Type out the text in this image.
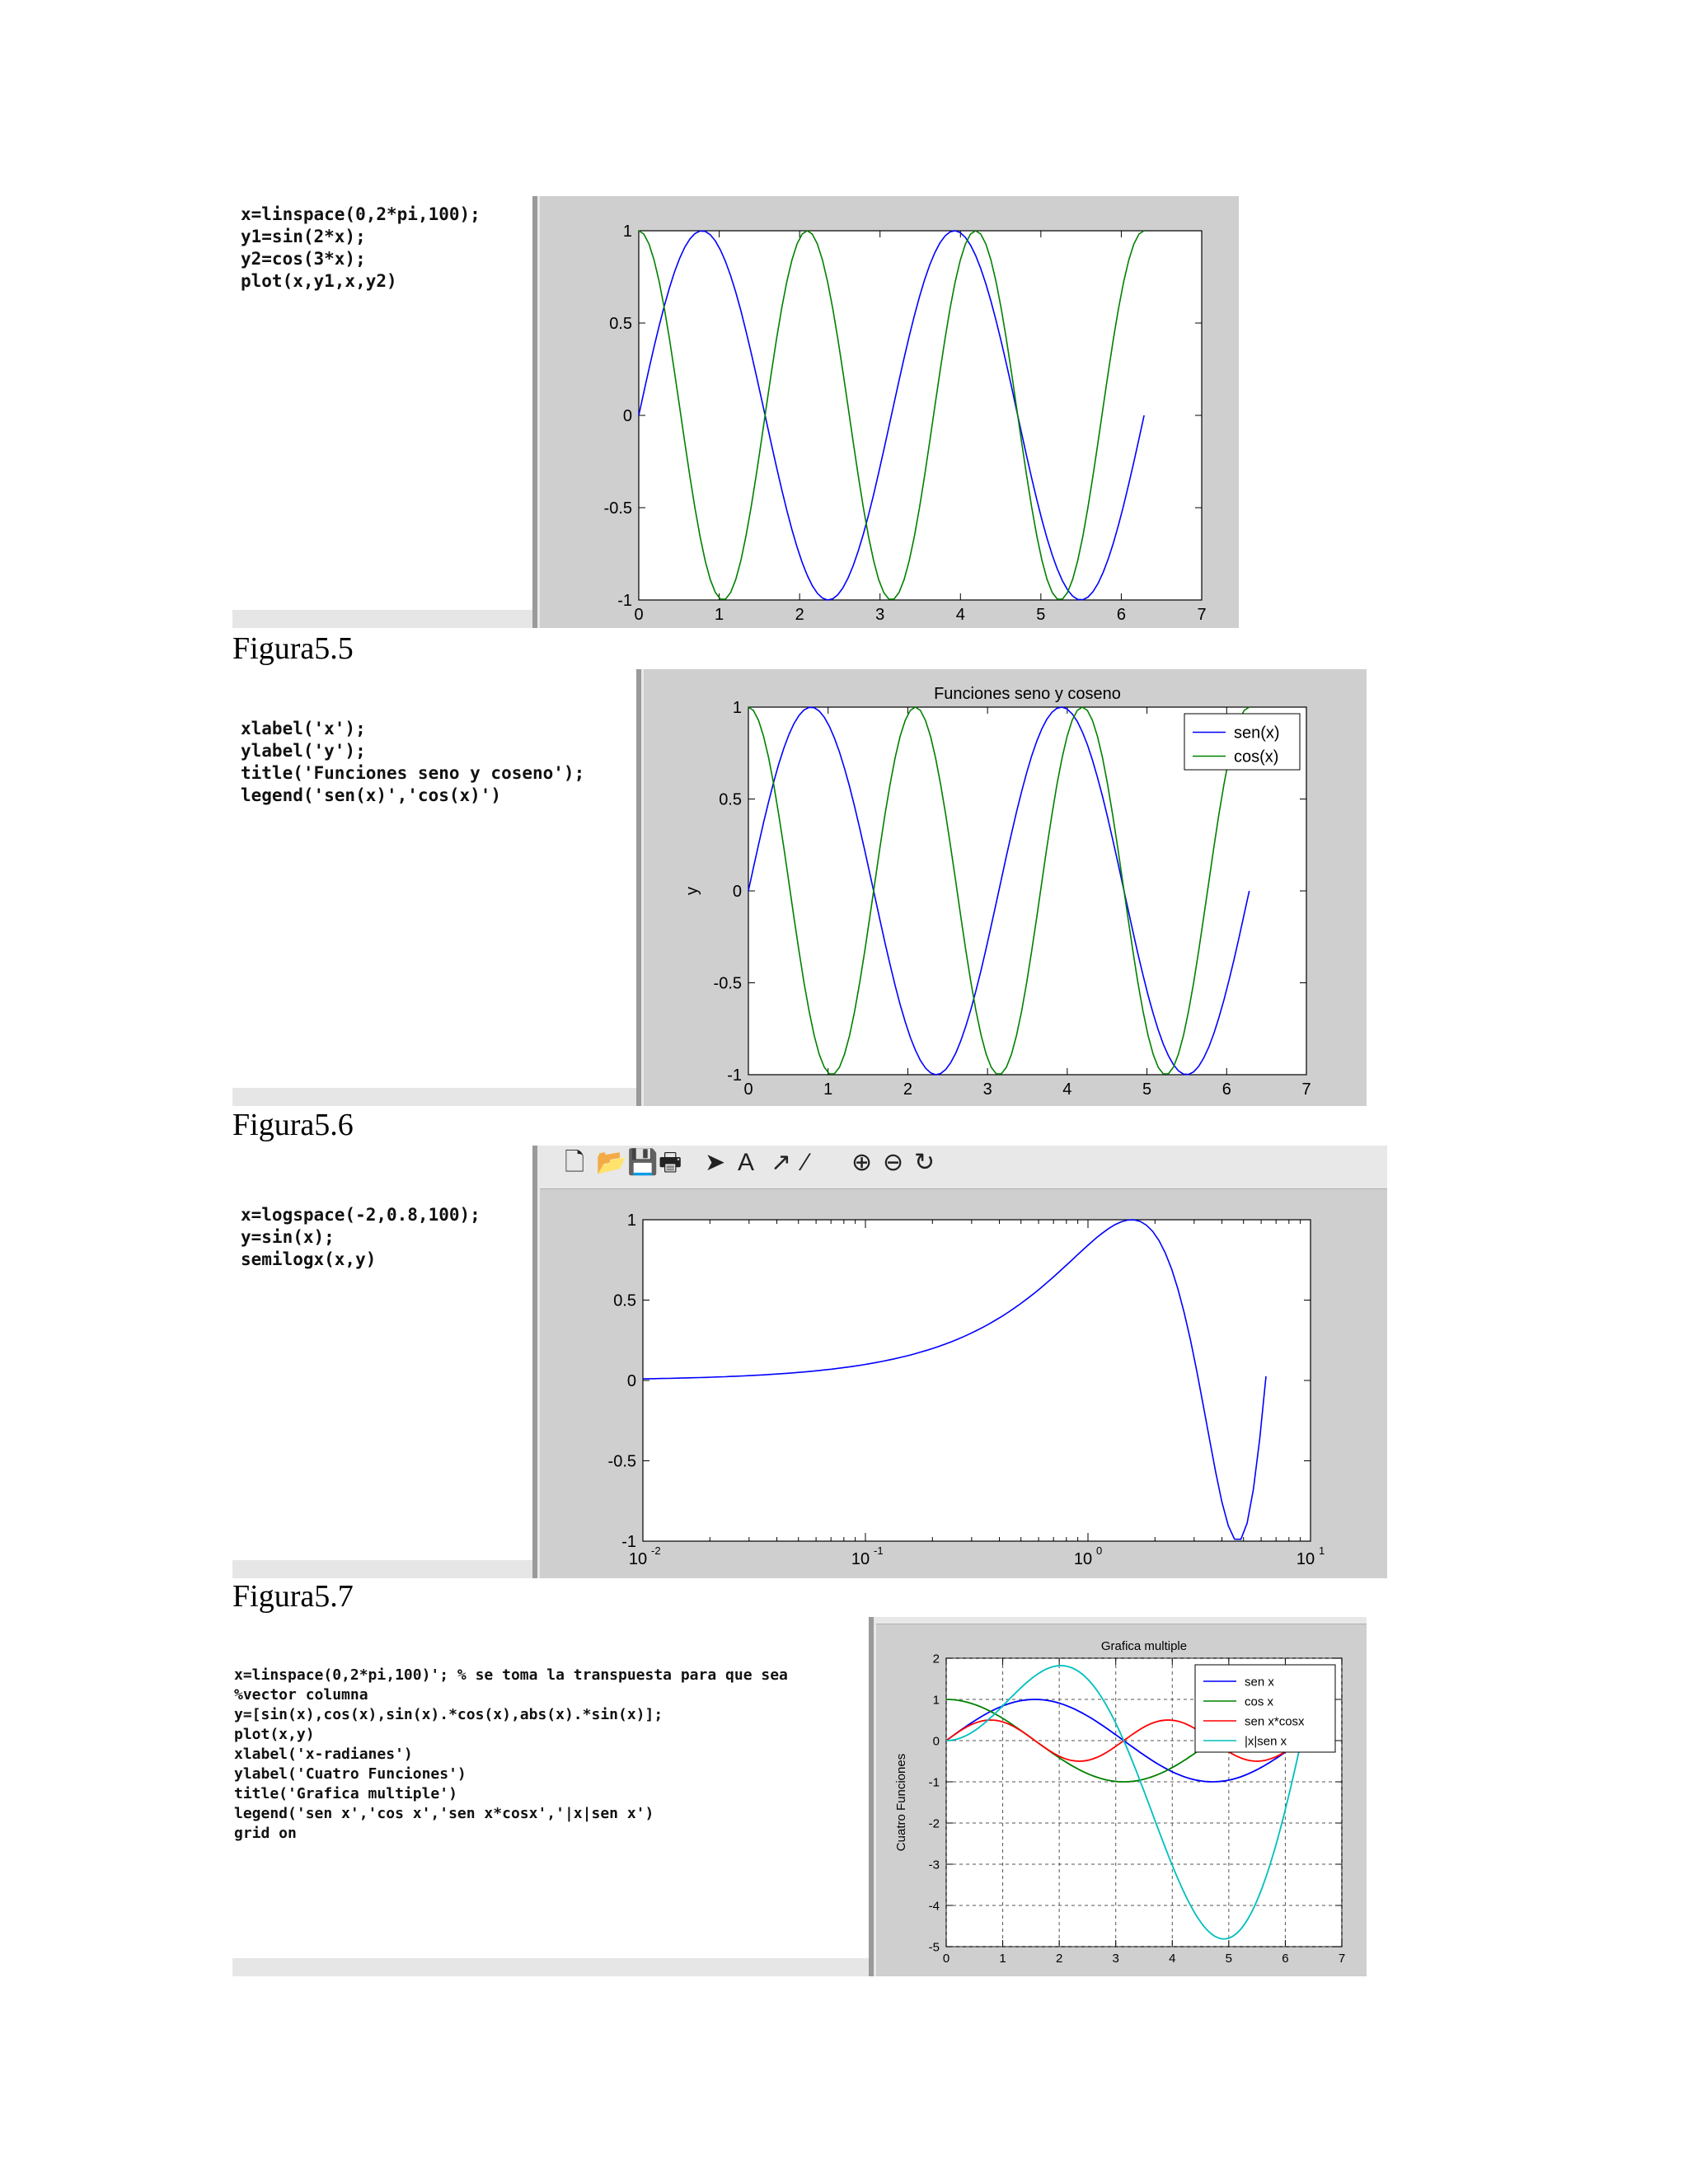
x=linspace(0,2*pi,100);
y1=sin(2*x);
y2=cos(3*x);
plot(x,y1,x,y2)
0	1	2	3	4	5	6	7
1
0.5
0
-0.5
-1
Figura5.5
xlabel('x');
ylabel('y');
title('Funciones seno y coseno');
legend('sen(x)','cos(x)')
0	1	2	3	4	5	6	7
1
0.5
0
-0.5
-1
Funciones seno y coseno
y
sen(x)
cos(x)
Figura5.6
x=logspace(-2,0.8,100);
y=sin(x);
semilogx(x,y)
🗋 📂 💾 🖶 ➤ A ↗ ⁄ ⊕ ⊖ ↻
10 -2	10 -1	10 0	10 1
1
0.5
0
-0.5
-1
Figura5.7
x=linspace(0,2*pi,100)'; % se toma la transpuesta para que sea
%vector columna
y=[sin(x),cos(x),sin(x).*cos(x),abs(x).*sin(x)];
plot(x,y)
xlabel('x-radianes')
ylabel('Cuatro Funciones')
title('Grafica multiple')
legend('sen x','cos x','sen x*cosx','|x|sen x')
grid on
0	1	2	3	4	5	6	7
2
1
0
-1
-2
-3
-4
-5
Grafica multiple
Cuatro Funciones
sen x
cos x
sen x*cosx
|x|sen x
